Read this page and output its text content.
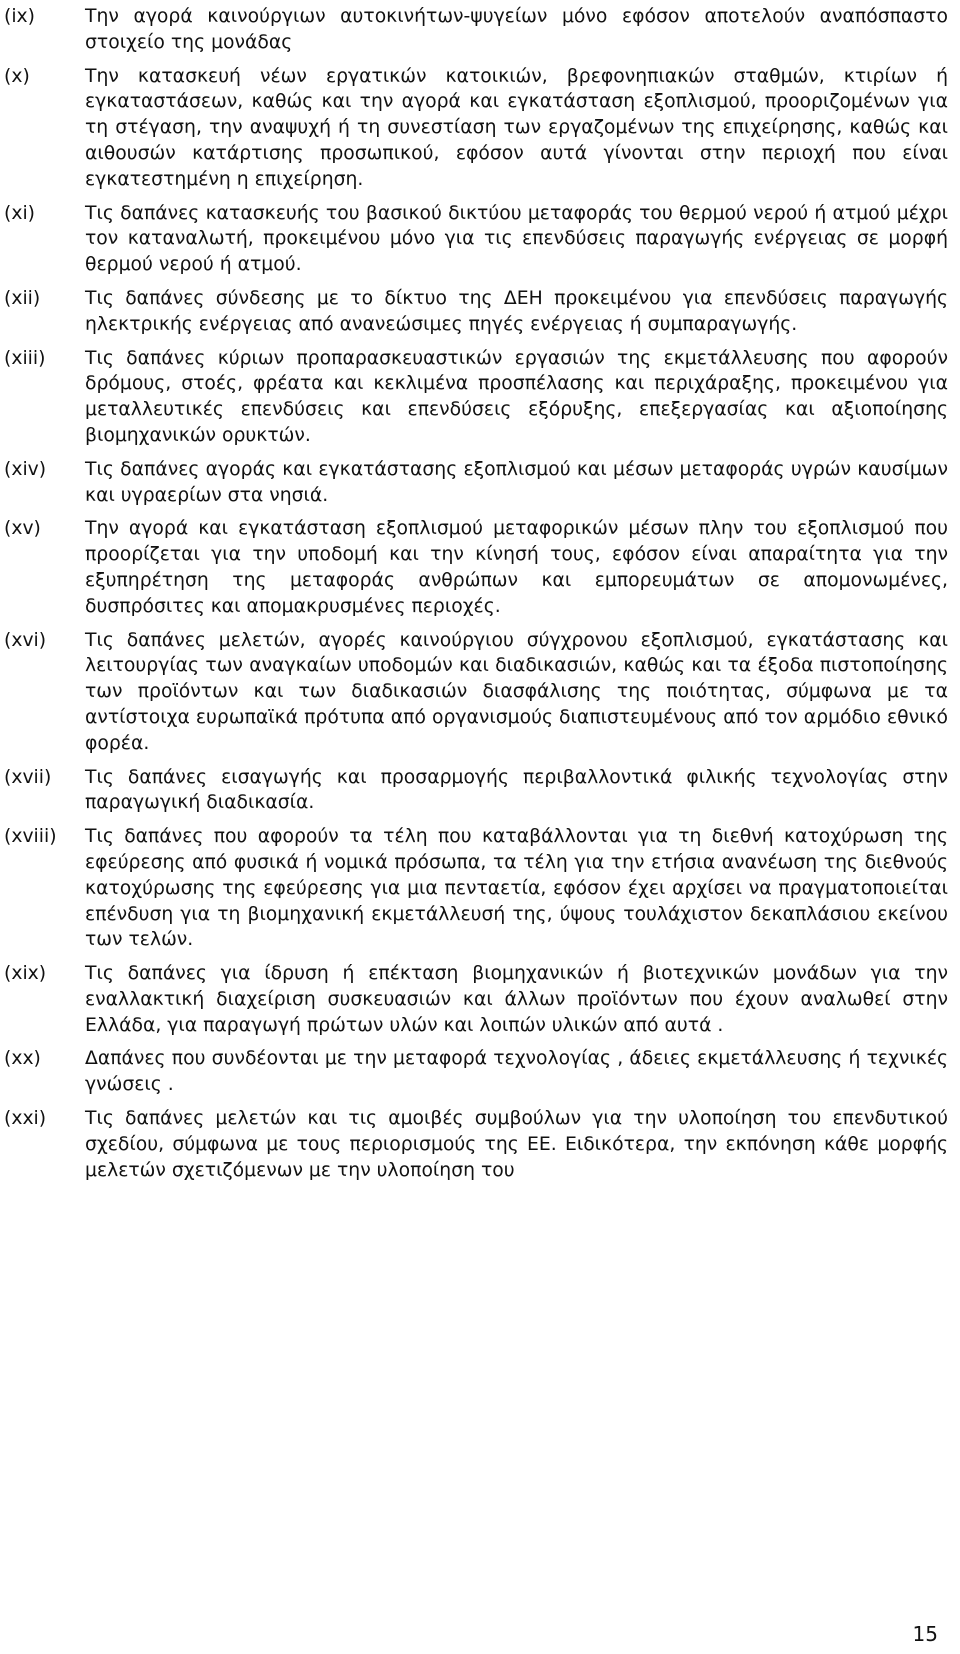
(ix)	Την αγορά καινούργιων αυτοκινήτων-ψυγείων μόνο εφόσον αποτελούν αναπόσπαστο στοιχείο της μονάδας
(x)	Την κατασκευή νέων εργατικών κατοικιών, βρεφονηπιακών σταθμών, κτιρίων ή εγκαταστάσεων, καθώς και την αγορά και εγκατάσταση εξοπλισμού, προοριζομένων για τη στέγαση, την αναψυχή ή τη συνεστίαση των εργαζομένων της επιχείρησης, καθώς και αιθουσών κατάρτισης προσωπικού, εφόσον αυτά γίνονται στην περιοχή που είναι εγκατεστημένη η επιχείρηση.
(xi)	Τις δαπάνες κατασκευής του βασικού δικτύου μεταφοράς του θερμού νερού ή ατμού μέχρι τον καταναλωτή, προκειμένου μόνο για τις επενδύσεις παραγωγής ενέργειας σε μορφή θερμού νερού ή ατμού.
(xii) Τις δαπάνες σύνδεσης με το δίκτυο της ΔΕΗ προκειμένου για επενδύσεις παραγωγής ηλεκτρικής ενέργειας από ανανεώσιμες πηγές ενέργειας ή συμπαραγωγής.
(xiii) Τις δαπάνες κύριων προπαρασκευαστικών εργασιών της εκμετάλλευσης που αφορούν δρόμους, στοές, φρέατα και κεκλιμένα προσπέλασης και περιχάραξης, προκειμένου για μεταλλευτικές επενδύσεις και επενδύσεις εξόρυξης, επεξεργασίας και αξιοποίησης βιομηχανικών ορυκτών.
(xiv) Τις δαπάνες αγοράς και εγκατάστασης εξοπλισμού και μέσων μεταφοράς υγρών καυσίμων και υγραερίων στα νησιά.
(xv) Την αγορά και εγκατάσταση εξοπλισμού μεταφορικών μέσων πλην του εξοπλισμού που προορίζεται για την υποδομή και την κίνησή τους, εφόσον είναι απαραίτητα για την εξυπηρέτηση της μεταφοράς ανθρώπων και εμπορευμάτων σε απομονωμένες, δυσπρόσιτες και απομακρυσμένες περιοχές.
(xvi) Τις δαπάνες μελετών, αγορές καινούργιου σύγχρονου εξοπλισμού, εγκατάστασης και λειτουργίας των αναγκαίων υποδομών και διαδικασιών, καθώς και τα έξοδα πιστοποίησης των προϊόντων και των διαδικασιών διασφάλισης της ποιότητας, σύμφωνα με τα αντίστοιχα ευρωπαϊκά πρότυπα από οργανισμούς διαπιστευμένους από τον αρμόδιο εθνικό φορέα.
(xvii) Τις δαπάνες εισαγωγής και προσαρμογής περιβαλλοντικά φιλικής τεχνολογίας στην παραγωγική διαδικασία.
(xviii) Τις δαπάνες που αφορούν τα τέλη που καταβάλλονται για τη διεθνή κατοχύρωση της εφεύρεσης από φυσικά ή νομικά πρόσωπα, τα τέλη για την ετήσια ανανέωση της διεθνούς κατοχύρωσης της εφεύρεσης για μια πενταετία, εφόσον έχει αρχίσει να πραγματοποιείται επένδυση για τη βιομηχανική εκμετάλλευσή της, ύψους τουλάχιστον δεκαπλάσιου εκείνου των τελών.
(xix) Τις δαπάνες για ίδρυση ή επέκταση βιομηχανικών ή βιοτεχνικών μονάδων για την εναλλακτική διαχείριση συσκευασιών και άλλων προϊόντων που έχουν αναλωθεί στην Ελλάδα, για παραγωγή πρώτων υλών και λοιπών υλικών από αυτά .
(xx) Δαπάνες που συνδέονται με την μεταφορά τεχνολογίας , άδειες εκμετάλλευσης ή τεχνικές γνώσεις .
(xxi) Τις δαπάνες μελετών και τις αμοιβές συμβούλων για την υλοποίηση του επενδυτικού σχεδίου, σύμφωνα με τους περιορισμούς της ΕΕ. Ειδικότερα, την εκπόνηση κάθε μορφής μελετών σχετιζόμενων με την υλοποίηση του
15
